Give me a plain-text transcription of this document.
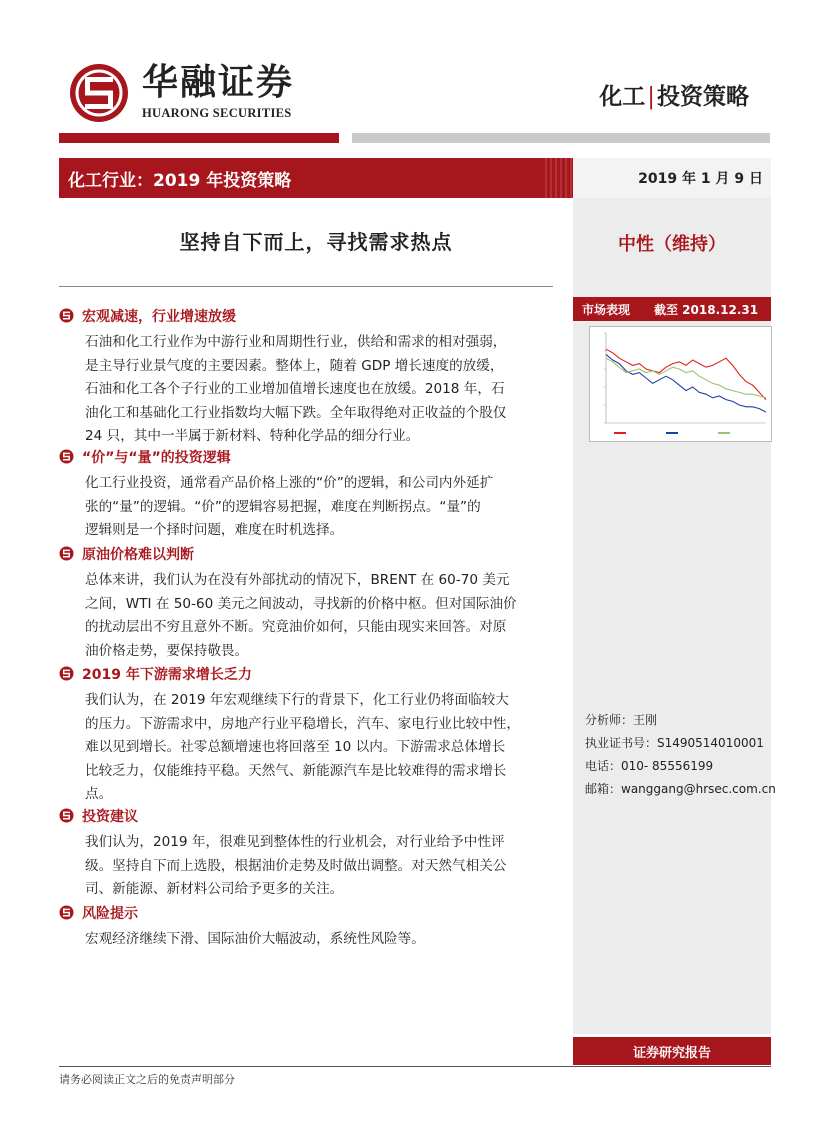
华融证券
HUARONG SECURITIES
化工|投资策略
化工行业：2019 年投资策略	2019 年 1 月 9 日
中性（维持）
市场表现 截至 2018.12.31
分析师：王刚
执业证书号：S1490514010001
电话：010- 85556199
邮箱：wanggang@hrsec.com.cn
证券研究报告
坚持自下而上，寻找需求热点
宏观减速，行业增速放缓
石油和化工行业作为中游行业和周期性行业，供给和需求的相对强弱，
是主导行业景气度的主要因素。整体上，随着 GDP 增长速度的放缓，
石油和化工各个子行业的工业增加值增长速度也在放缓。2018 年，石
油化工和基础化工行业指数均大幅下跌。全年取得绝对正收益的个股仅
24 只，其中一半属于新材料、特种化学品的细分行业。
“价”与“量”的投资逻辑
化工行业投资，通常看产品价格上涨的“价”的逻辑，和公司内外延扩
张的“量”的逻辑。“价”的逻辑容易把握，难度在判断拐点。“量”的
逻辑则是一个择时问题，难度在时机选择。
原油价格难以判断
总体来讲，我们认为在没有外部扰动的情况下，BRENT 在 60-70 美元
之间，WTI 在 50-60 美元之间波动，寻找新的价格中枢。但对国际油价
的扰动层出不穷且意外不断。究竟油价如何，只能由现实来回答。对原
油价格走势，要保持敬畏。
2019 年下游需求增长乏力
我们认为，在 2019 年宏观继续下行的背景下，化工行业仍将面临较大
的压力。下游需求中，房地产行业平稳增长，汽车、家电行业比较中性，
难以见到增长。社零总额增速也将回落至 10 以内。下游需求总体增长
比较乏力，仅能维持平稳。天然气、新能源汽车是比较难得的需求增长
点。
投资建议
我们认为，2019 年，很难见到整体性的行业机会，对行业给予中性评
级。坚持自下而上选股，根据油价走势及时做出调整。对天然气相关公
司、新能源、新材料公司给予更多的关注。
风险提示
宏观经济继续下滑、国际油价大幅波动，系统性风险等。
请务必阅读正文之后的免责声明部分
